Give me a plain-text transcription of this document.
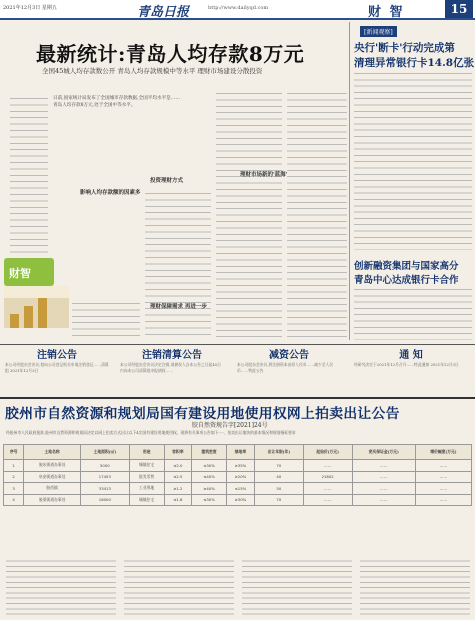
2021年12月3日 星期五	青岛日报	http://www.dailyqd.com	财 智	15
最新统计:青岛人均存款8万元
全国45城人均存款数公开 青岛人均存款规模中等水平 理财市场建设分散投资
日前,国家统计局发布了全国城市存款数据,全国平均水平是……青岛人均存款8万元,处于全国中等水平。
财智
影响人均存款额的因素多
投资理财方式
理财市场新的'蓝海'
理财保障需求 再进一步
[新闻观察]
央行'断卡'行动完成第
清理异常银行卡14.8亿张
创新融资集团与国家高分
青岛中心达成银行卡合作
注销公告
本公司经股东会决议,拟向公司登记机关申请注销登记……清算组 2021年12月3日
注销清算公告
本公司经股东会决议决定注销,请债权人自本公告之日起45日内向本公司清算组申报债权……
减资公告
本公司股东会决议,将注册资本由原人民币……减少至人民币……特此公告
通 知
经研究决定于2021年12月召开……特此通知 2021年12月3日
胶州市自然资源和规划局国有建设用地使用权网上拍卖出让公告
胶自然资规告字[2021]24号
经胶州市人民政府批准,胶州市自然资源和规划局决定以网上拍卖方式出让以下4宗国有建设用地使用权。现将有关事项公告如下:一、拍卖出让地块的基本情况和规划指标要求
序号	土地名称	土地面积(㎡)	用途	容积率	建筑密度	绿地率	出让年限(年)	起始价(万元)	竞买保证金(万元)	增价幅度(万元)
1	胶东街道办事处	5000	城镇住宅	≤2.0	≤30%	≥35%	70	……	……	……
2	阜安街道办事处	17453	批发零售	≤2.5	≤40%	≥20%	40	21802	……	……
3	胶西镇	33413	工业用地	≥1.2	≥40%	≤15%	50	……	……	……
4	胶莱街道办事处	18000	城镇住宅	≤1.8	≤30%	≥30%	70	……	……	……
